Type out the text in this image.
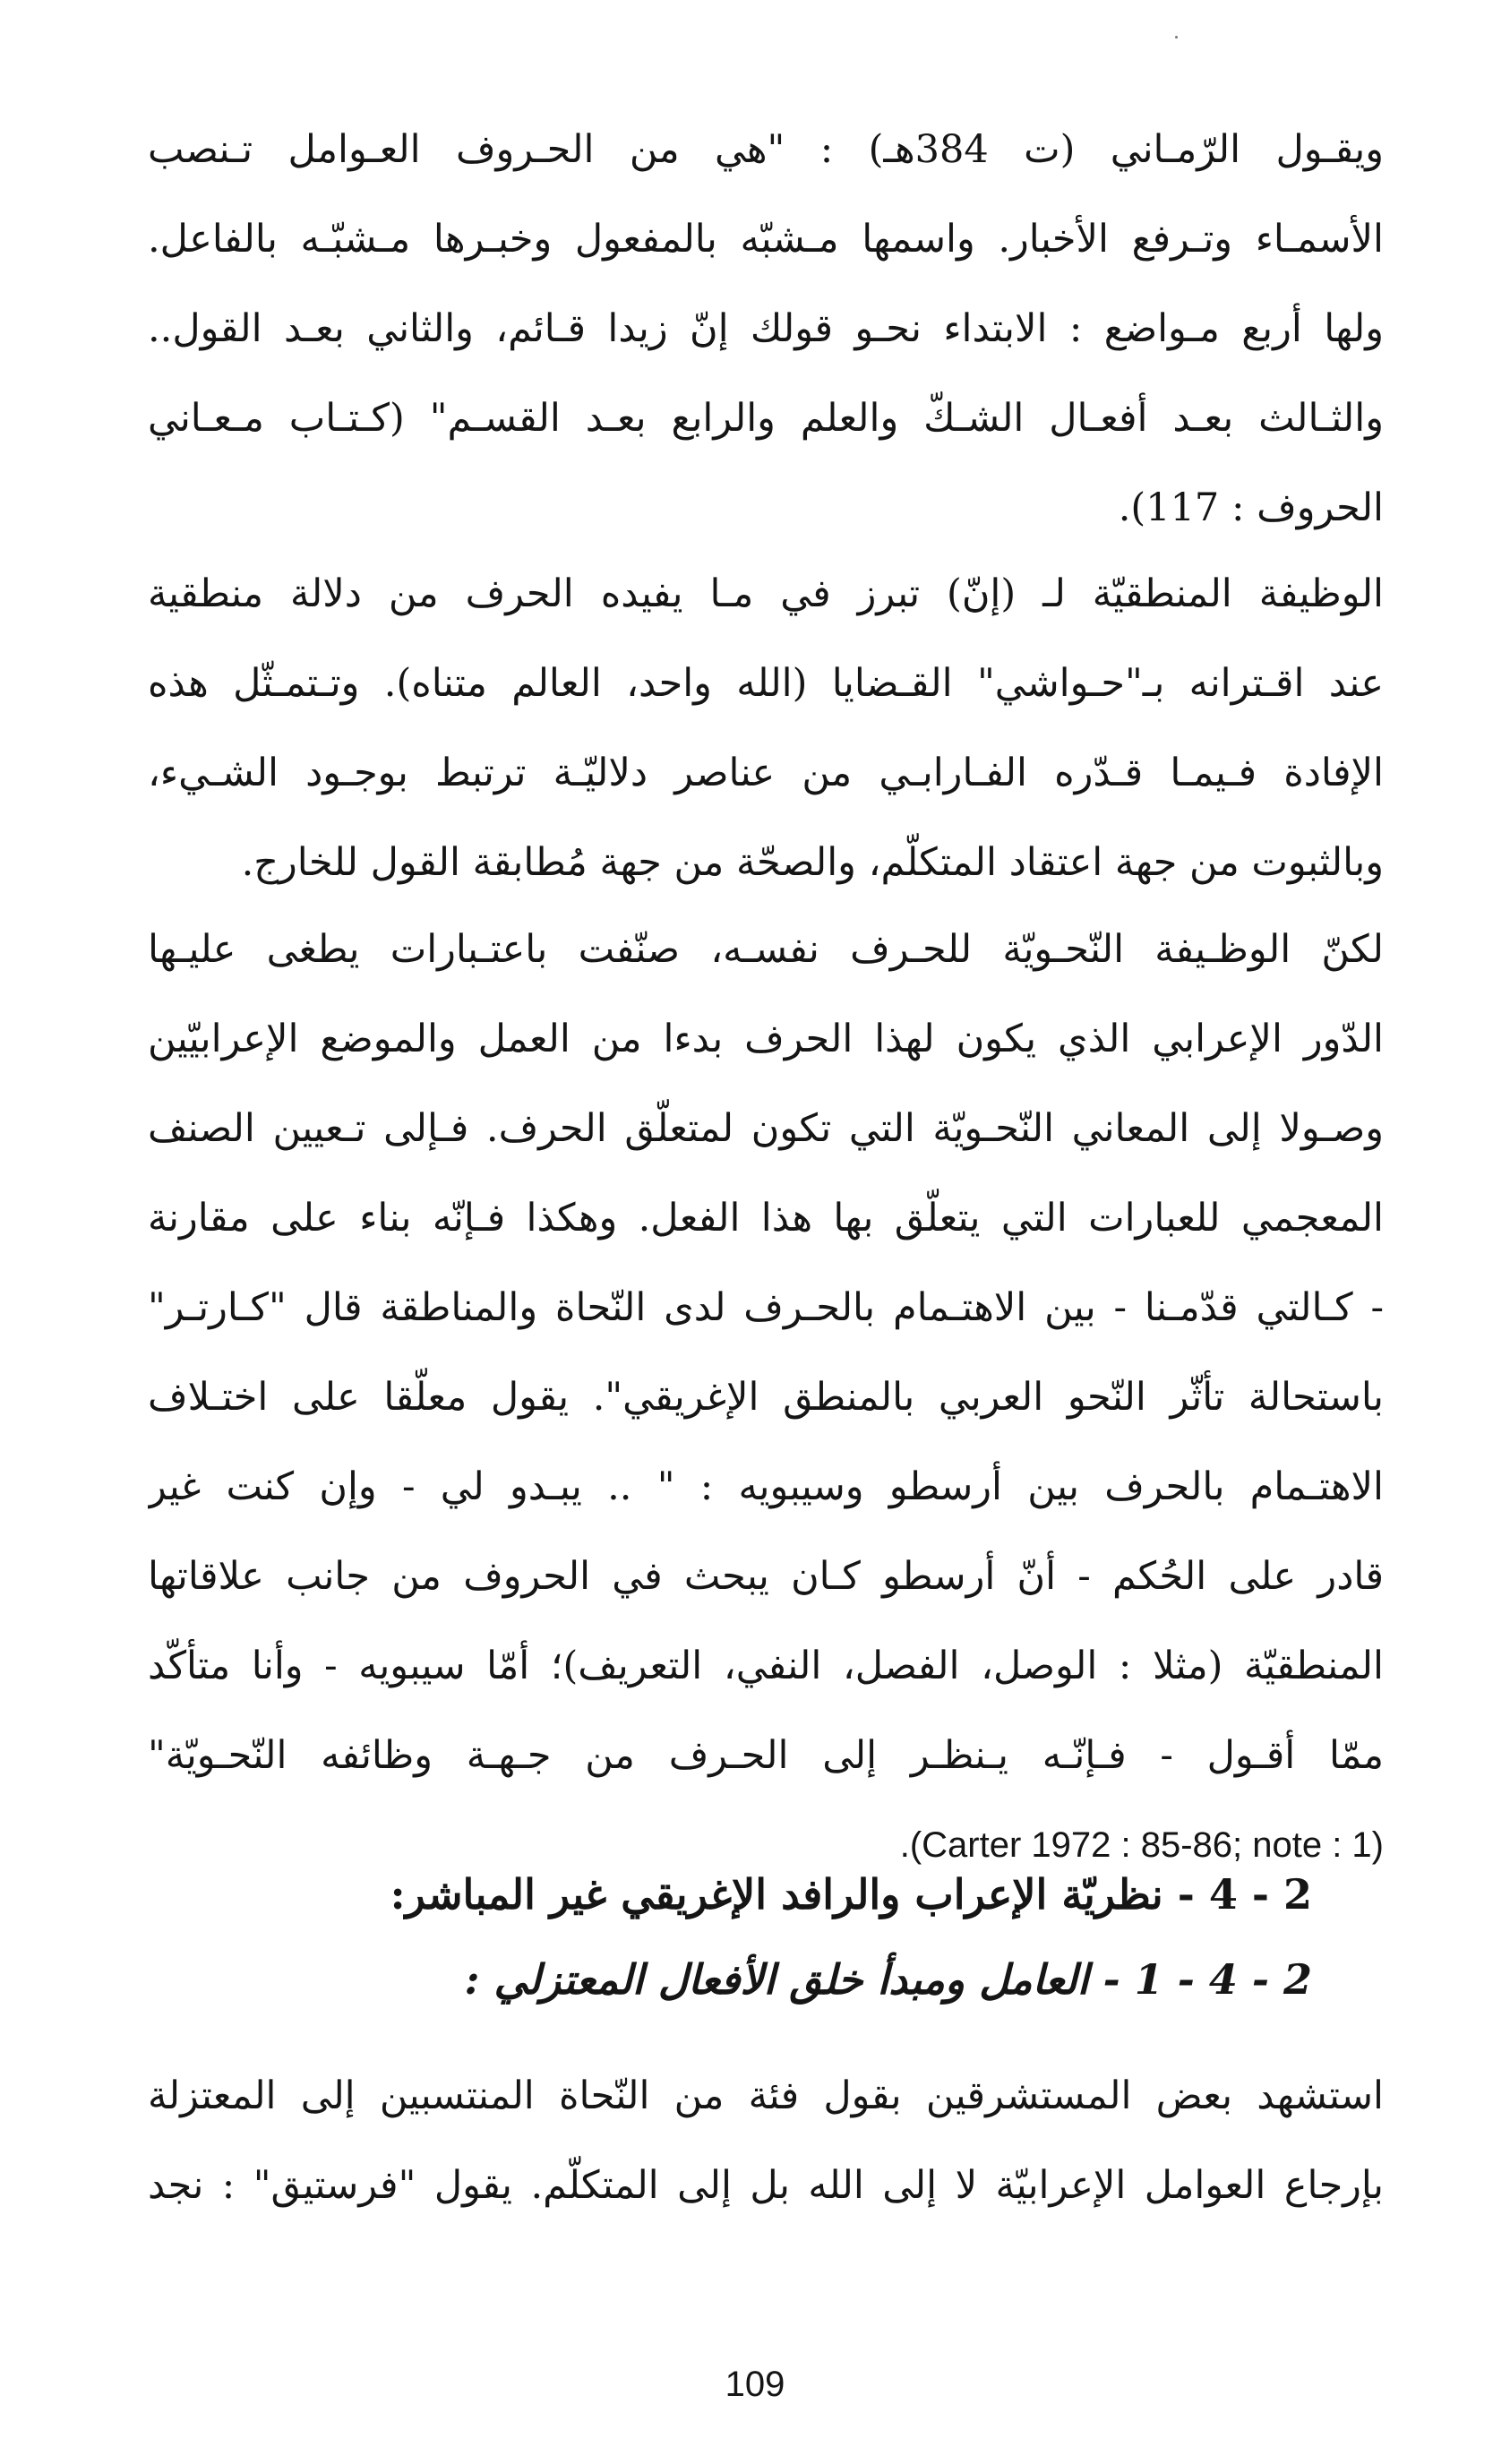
ويقـول الرّمـاني (ت 384هـ) : "هي من الحـروف العـوامل تـنصب
الأسمـاء وتـرفع الأخبار. واسمها مـشبّه بالمفعول وخبـرها مـشبّـه بالفاعل.
ولها أربع مـواضع : الابتداء نحـو قولك إنّ زيدا قـائم، والثاني بعـد القول..
والثـالث بعـد أفعـال الشـكّ والعلم والرابع بعـد القسـم" (كـتـاب مـعـاني
الحروف : 117).
الوظيفة المنطقيّة لـ (إنّ) تبرز في مـا يفيده الحرف من دلالة منطقية
عند اقـترانه بـ"حـواشي" القـضايا (الله واحد، العالم متناه). وتـتمـثّل هذه
الإفادة فـيمـا قـدّره الفـارابـي من عناصر دلاليّـة ترتبط بوجـود الشـيء،
وبالثبوت من جهة اعتقاد المتكلّم، والصحّة من جهة مُطابقة القول للخارج.
لكنّ الوظـيفة النّحـويّة للحـرف نفسـه، صنّفت باعتـبارات يطغى عليـها
الدّور الإعرابي الذي يكون لهذا الحرف بدءا من العمل والموضع الإعرابيّين
وصـولا إلى المعاني النّحـويّة التي تكون لمتعلّق الحرف. فـإلى تـعيين الصنف
المعجمي للعبارات التي يتعلّق بها هذا الفعل. وهكذا فـإنّه بناء على مقارنة
- كـالتي قدّمـنا - بين الاهتـمام بالحـرف لدى النّحاة والمناطقة قال "كـارتـر"
باستحالة تأثّر النّحو العربي بالمنطق الإغريقي". يقول معلّقا على اختـلاف
الاهتـمام بالحرف بين أرسطو وسيبويه : " .. يبـدو لي - وإن كنت غير
قادر على الحُكم - أنّ أرسطو كـان يبحث في الحروف من جانب علاقاتها
المنطقيّة (مثلا : الوصل، الفصل، النفي، التعريف)؛ أمّا سيبويه - وأنا متأكّد
ممّا أقـول - فـإنّـه يـنظـر إلى الحـرف من جـهـة وظائفه النّحـويّة"
.(Carter 1972 : 85-86; note : 1)
2 - 4 - نظريّة الإعراب والرافد الإغريقي غير المباشر:
2 - 4 - 1 - العامل ومبدأ خلق الأفعال المعتزلي :
استشهد بعض المستشرقين بقول فئة من النّحاة المنتسبين إلى المعتزلة
بإرجاع العوامل الإعرابيّة لا إلى الله بل إلى المتكلّم. يقول "فرستيق" : نجد
109
